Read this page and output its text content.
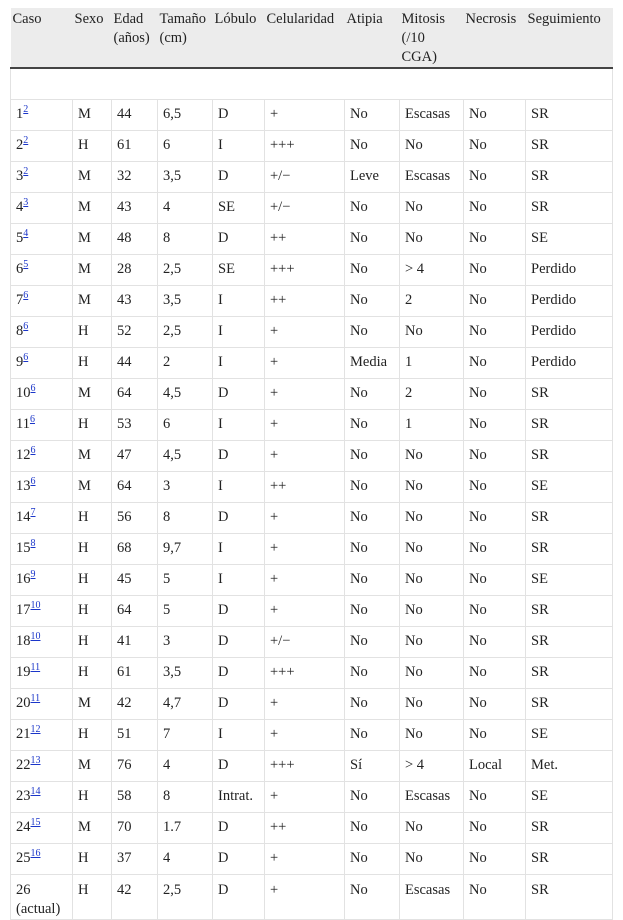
Caso	Sexo	Edad (años)	Tamaño (cm)	Lóbulo	Celularidad	Atipia	Mitosis (/10 CGA)	Necrosis	Seguimiento

1$^2$	M	44	6,5	D	+	No	Escasas	No	SR
2$^2$	H	61	6	I	+++	No	No	No	SR
3$^2$	M	32	3,5	D	+/−	Leve	Escasas	No	SR
4$^3$	M	43	4	SE	+/−	No	No	No	SR
5$^4$	M	48	8	D	++	No	No	No	SE
6$^5$	M	28	2,5	SE	+++	No	> 4	No	Perdido
7$^6$	M	43	3,5	I	++	No	2	No	Perdido
8$^6$	H	52	2,5	I	+	No	No	No	Perdido
9$^6$	H	44	2	I	+	Media	1	No	Perdido
10$^6$	M	64	4,5	D	+	No	2	No	SR
11$^6$	H	53	6	I	+	No	1	No	SR
12$^6$	M	47	4,5	D	+	No	No	No	SR
13$^6$	M	64	3	I	++	No	No	No	SE
14$^7$	H	56	8	D	+	No	No	No	SR
15$^8$	H	68	9,7	I	+	No	No	No	SR
16$^9$	H	45	5	I	+	No	No	No	SE
17$^{10}$	H	64	5	D	+	No	No	No	SR
18$^{10}$	H	41	3	D	+/−	No	No	No	SR
19$^{11}$	H	61	3,5	D	+++	No	No	No	SR
20$^{11}$	M	42	4,7	D	+	No	No	No	SR
21$^{12}$	H	51	7	I	+	No	No	No	SE
22$^{13}$	M	76	4	D	+++	Sí	> 4	Local	Met.
23$^{14}$	H	58	8	Intrat.	+	No	Escasas	No	SE
24$^{15}$	M	70	1.7	D	++	No	No	No	SR
25$^{16}$	H	37	4	D	+	No	No	No	SR
26 (actual)	H	42	2,5	D	+	No	Escasas	No	SR
